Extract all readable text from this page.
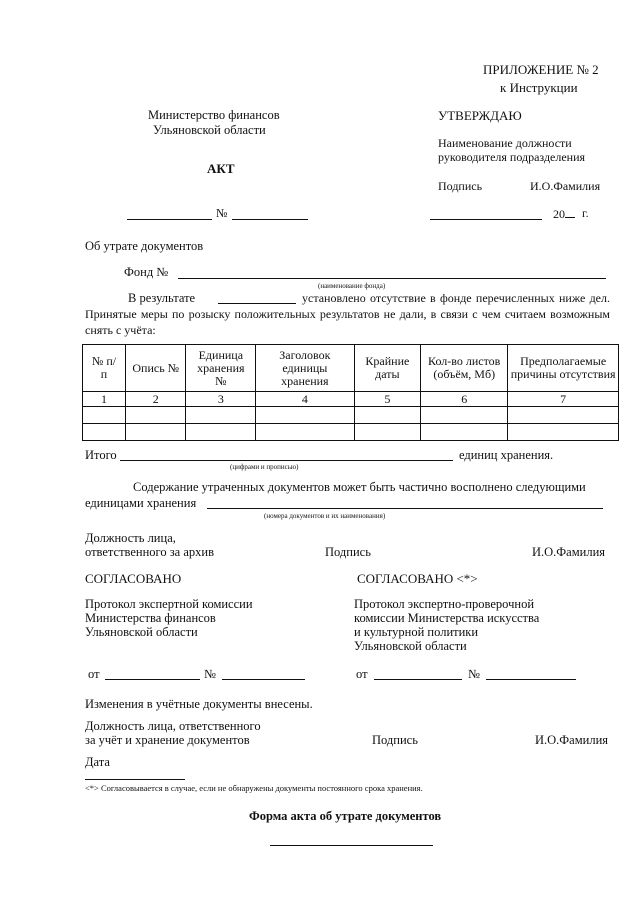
ПРИЛОЖЕНИЕ № 2
к Инструкции
Министерство финансов
Ульяновской области
УТВЕРЖДАЮ
Наименование должности
руководителя подразделения
Подпись	И.О.Фамилия
АКТ
№	20	г.
Об утрате документов
Фонд №
(наименование фонда)
В результате	установлено отсутствие в фонде перечисленных ниже дел. Принятые меры по розыску положительных результатов не дали, в связи с чем считаем возможным снять с учёта:
№ п/п	Опись №	Единица хранения №	Заголовок единицы хранения	Крайние даты	Кол-во листов (объём, Мб)	Предполагаемые причины отсутствия
1	2	3	4	5	6	7

Итого	единиц хранения.
(цифрами и прописью)
Содержание утраченных документов может быть частично восполнено следующими
единицами хранения
(номера документов и их наименования)
Должность лица,
ответственного за архив	Подпись	И.О.Фамилия
СОГЛАСОВАНО
Протокол экспертной комиссии
Министерства финансов
Ульяновской области
от	№
СОГЛАСОВАНО <*>
Протокол экспертно-проверочной
комиссии Министерства искусства
и культурной политики
Ульяновской области
от	№
Изменения в учётные документы внесены.
Должность лица, ответственного
за учёт и хранение документов	Подпись	И.О.Фамилия
Дата
<*> Согласовывается в случае, если не обнаружены документы постоянного срока хранения.
Форма акта об утрате документов
